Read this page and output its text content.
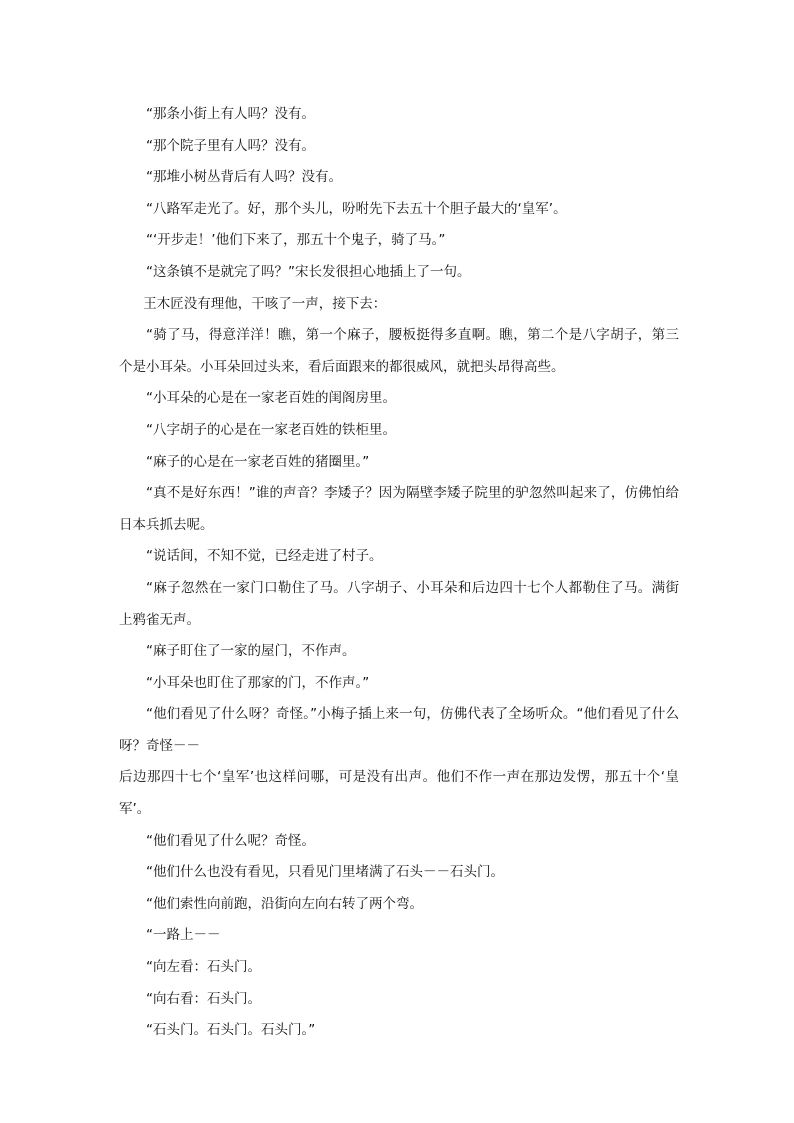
“那条小街上有人吗？没有。

“那个院子里有人吗？没有。

“那堆小树丛背后有人吗？没有。

“八路军走光了。好，那个头儿，吩咐先下去五十个胆子最大的‘皇军’。

“‘开步走！’他们下来了，那五十个鬼子，骑了马。”

“这条镇不是就完了吗？”宋长发很担心地插上了一句。

王木匠没有理他，干咳了一声，接下去：

“骑了马，得意洋洋！瞧，第一个麻子，腰板挺得多直啊。瞧，第二个是八字胡子，第三个是小耳朵。小耳朵回过头来，看后面跟来的都很威风，就把头昂得高些。

“小耳朵的心是在一家老百姓的闺阁房里。

“八字胡子的心是在一家老百姓的铁柜里。

“麻子的心是在一家老百姓的猪圈里。”

“真不是好东西！”谁的声音？李矮子？因为隔壁李矮子院里的驴忽然叫起来了，仿佛怕给日本兵抓去呢。

“说话间，不知不觉，已经走进了村子。

“麻子忽然在一家门口勒住了马。八字胡子、小耳朵和后边四十七个人都勒住了马。满街上鸦雀无声。

“麻子盯住了一家的屋门，不作声。

“小耳朵也盯住了那家的门，不作声。”

“他们看见了什么呀？奇怪。”小梅子插上来一句，仿佛代表了全场听众。“他们看见了什么呀？奇怪－－

后边那四十七个‘皇军’也这样问哪，可是没有出声。他们不作一声在那边发愣，那五十个‘皇军’。

“他们看见了什么呢？奇怪。

“他们什么也没有看见，只看见门里堵满了石头－－石头门。

“他们索性向前跑，沿街向左向右转了两个弯。

“一路上－－

“向左看：石头门。

“向右看：石头门。

“石头门。石头门。石头门。”
